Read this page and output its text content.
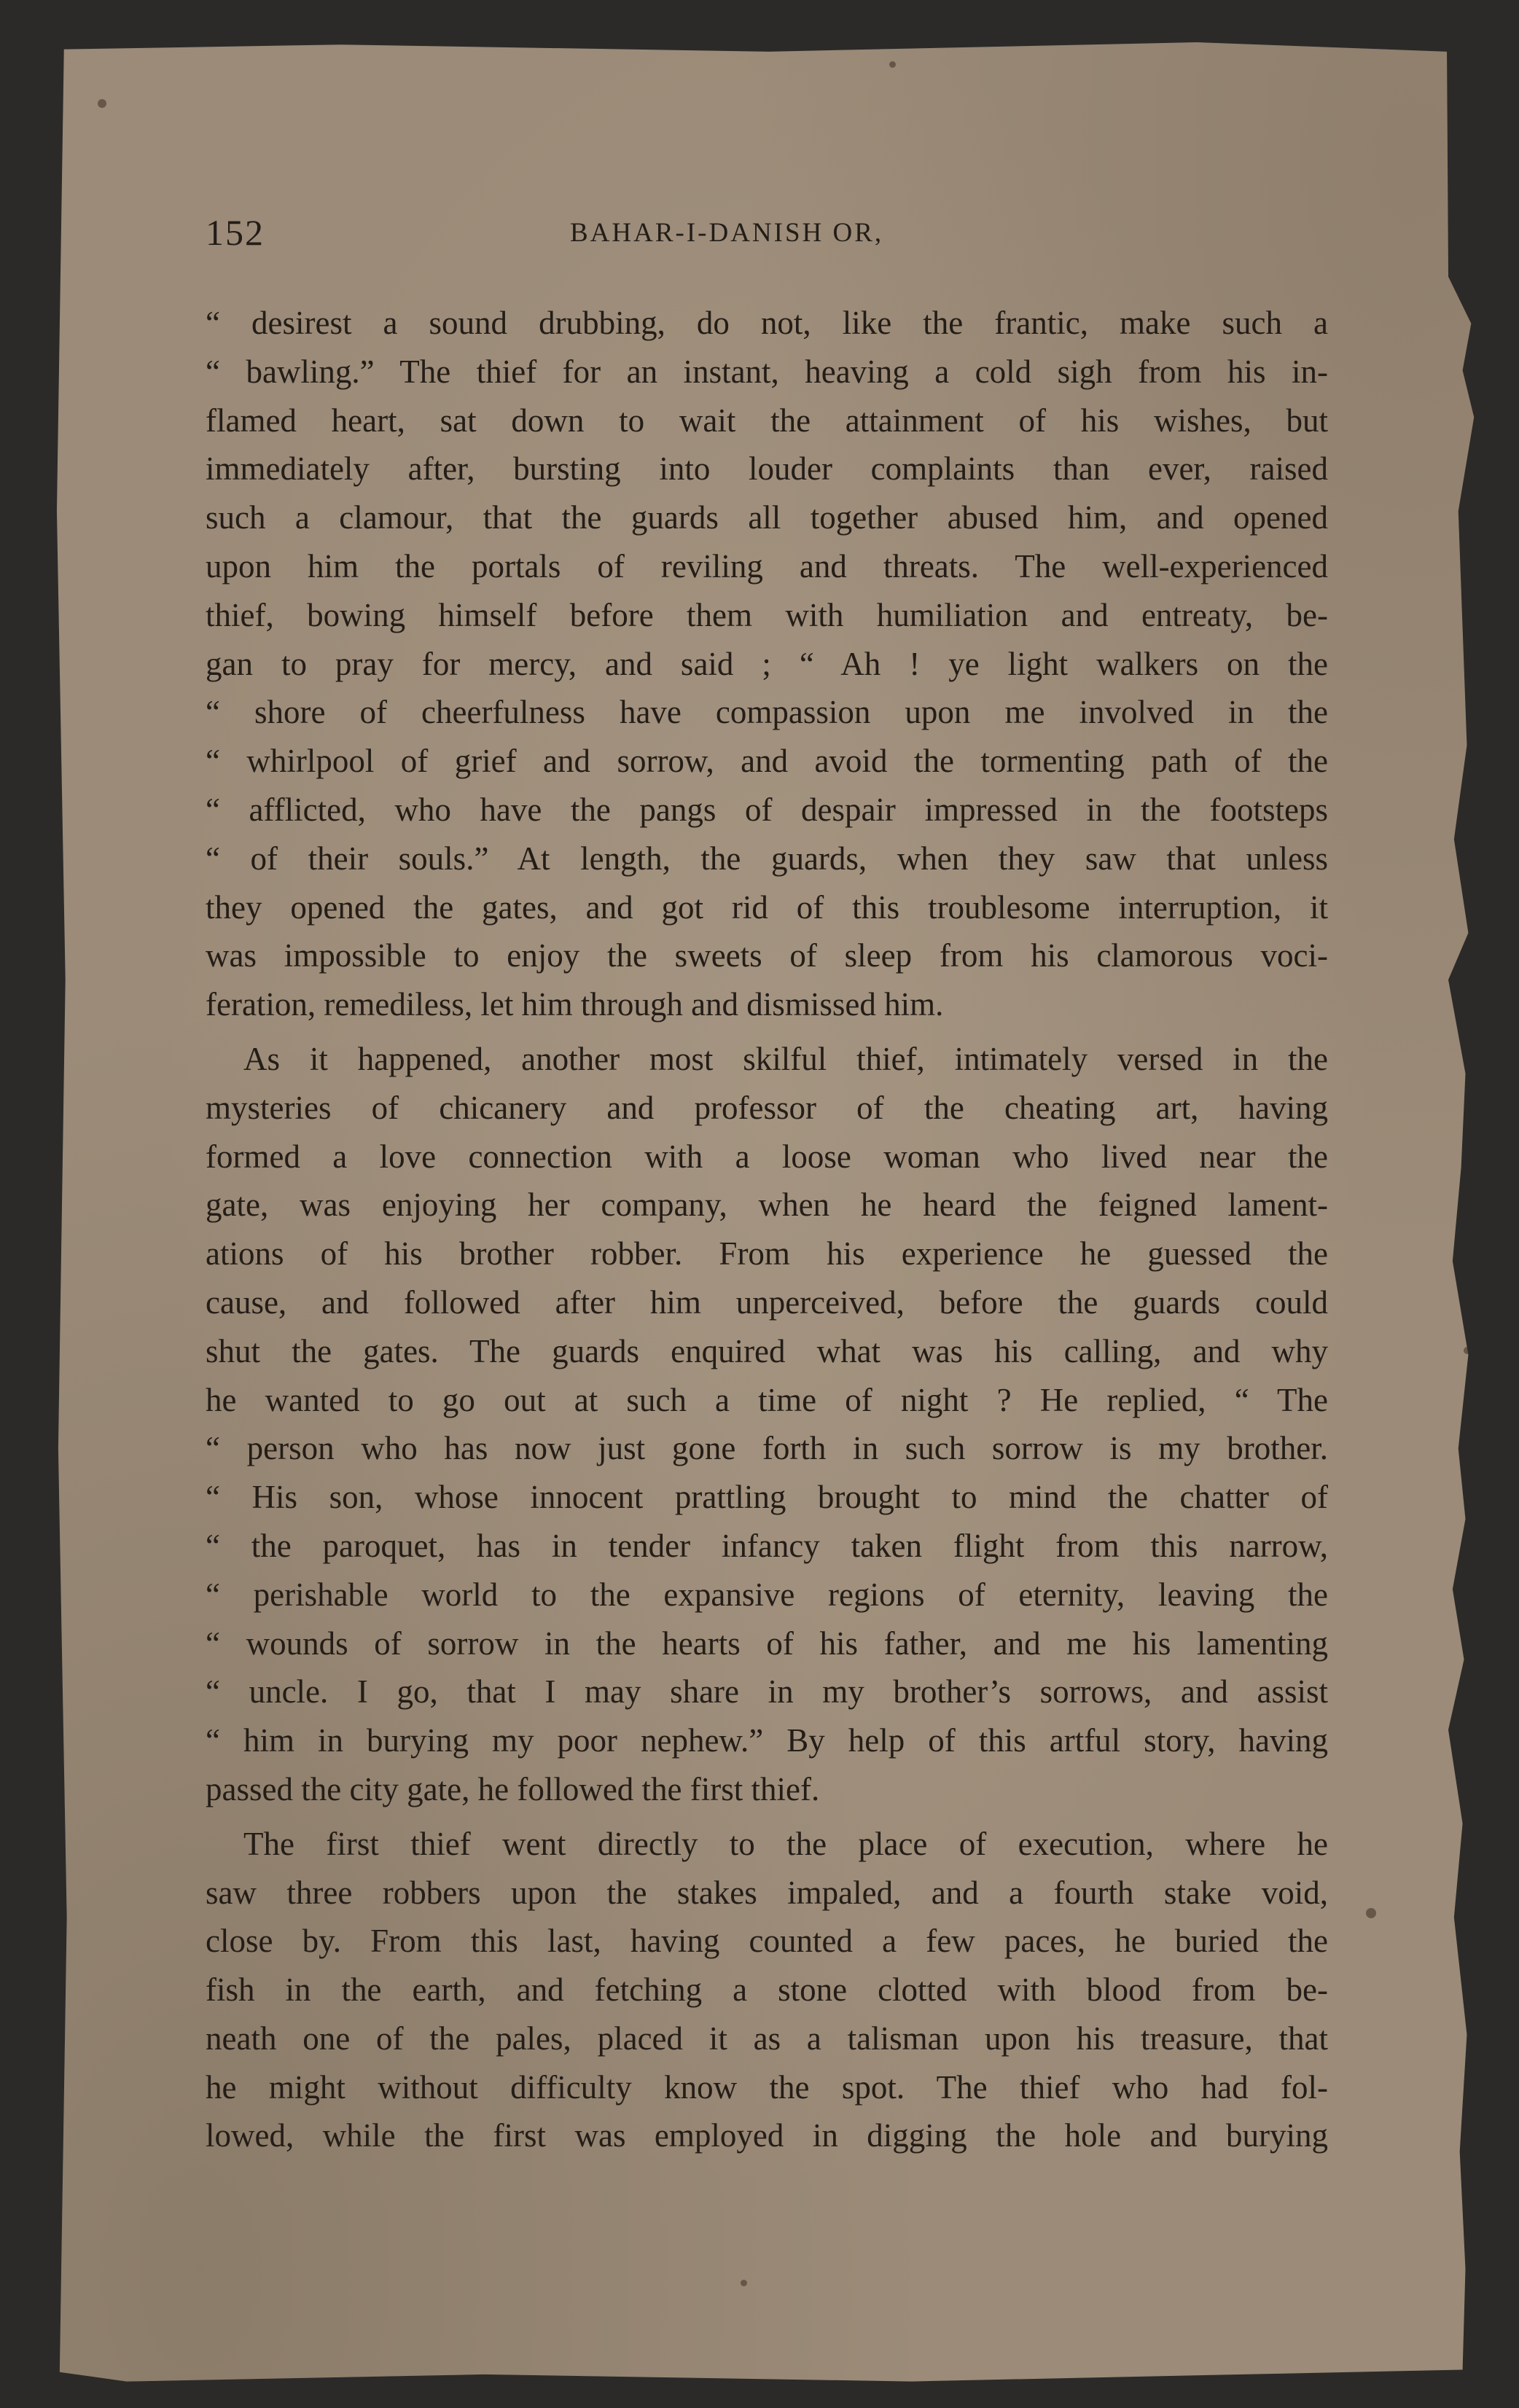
152	BAHAR-I-DANISH OR,
“ desirest a sound drubbing, do not, like the frantic, make such a
“ bawling.” The thief for an instant, heaving a cold sigh from his in-
flamed heart, sat down to wait the attainment of his wishes, but
immediately after, bursting into louder complaints than ever, raised
such a clamour, that the guards all together abused him, and opened
upon him the portals of reviling and threats. The well-experienced
thief, bowing himself before them with humiliation and entreaty, be-
gan to pray for mercy, and said ; “ Ah ! ye light walkers on the
“ shore of cheerfulness have compassion upon me involved in the
“ whirlpool of grief and sorrow, and avoid the tormenting path of the
“ afflicted, who have the pangs of despair impressed in the footsteps
“ of their souls.” At length, the guards, when they saw that unless
they opened the gates, and got rid of this troublesome interruption, it
was impossible to enjoy the sweets of sleep from his clamorous voci-
feration, remediless, let him through and dismissed him.
As it happened, another most skilful thief, intimately versed in the
mysteries of chicanery and professor of the cheating art, having
formed a love connection with a loose woman who lived near the
gate, was enjoying her company, when he heard the feigned lament-
ations of his brother robber. From his experience he guessed the
cause, and followed after him unperceived, before the guards could
shut the gates. The guards enquired what was his calling, and why
he wanted to go out at such a time of night ? He replied, “ The
“ person who has now just gone forth in such sorrow is my brother.
“ His son, whose innocent prattling brought to mind the chatter of
“ the paroquet, has in tender infancy taken flight from this narrow,
“ perishable world to the expansive regions of eternity, leaving the
“ wounds of sorrow in the hearts of his father, and me his lamenting
“ uncle. I go, that I may share in my brother’s sorrows, and assist
“ him in burying my poor nephew.” By help of this artful story, having
passed the city gate, he followed the first thief.
The first thief went directly to the place of execution, where he
saw three robbers upon the stakes impaled, and a fourth stake void,
close by. From this last, having counted a few paces, he buried the
fish in the earth, and fetching a stone clotted with blood from be-
neath one of the pales, placed it as a talisman upon his treasure, that
he might without difficulty know the spot. The thief who had fol-
lowed, while the first was employed in digging the hole and burying
